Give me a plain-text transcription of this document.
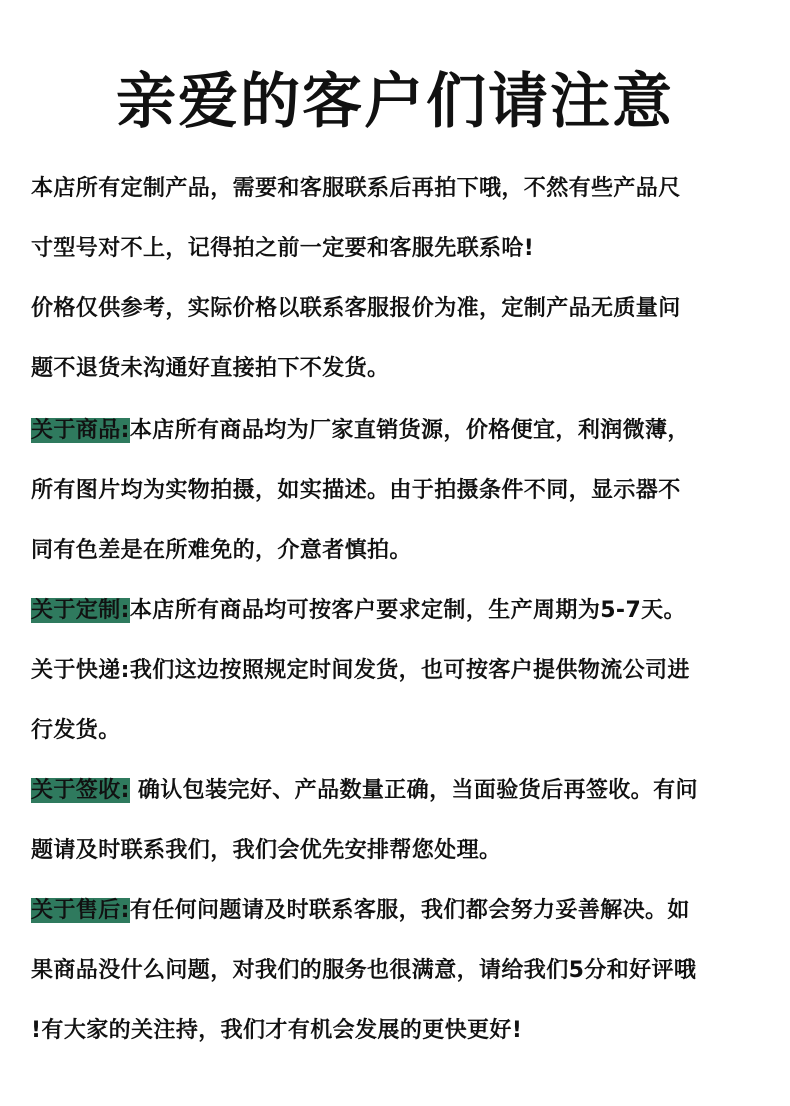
亲爱的客户们请注意
本店所有定制产品，需要和客服联系后再拍下哦，不然有些产品尺
寸型号对不上，记得拍之前一定要和客服先联系哈!
价格仅供参考，实际价格以联系客服报价为准，定制产品无质量问
题不退货未沟通好直接拍下不发货。
关于商品:本店所有商品均为厂家直销货源，价格便宜，利润微薄，
所有图片均为实物拍摄，如实描述。由于拍摄条件不同，显示器不
同有色差是在所难免的，介意者慎拍。
关于定制:本店所有商品均可按客户要求定制，生产周期为5-7天。
关于快递:我们这边按照规定时间发货，也可按客户提供物流公司进
行发货。
关于签收: 确认包装完好、产品数量正确，当面验货后再签收。有问
题请及时联系我们，我们会优先安排帮您处理。
关于售后:有任何问题请及时联系客服，我们都会努力妥善解决。如
果商品没什么问题，对我们的服务也很满意，请给我们5分和好评哦
!有大家的关注持，我们才有机会发展的更快更好!
